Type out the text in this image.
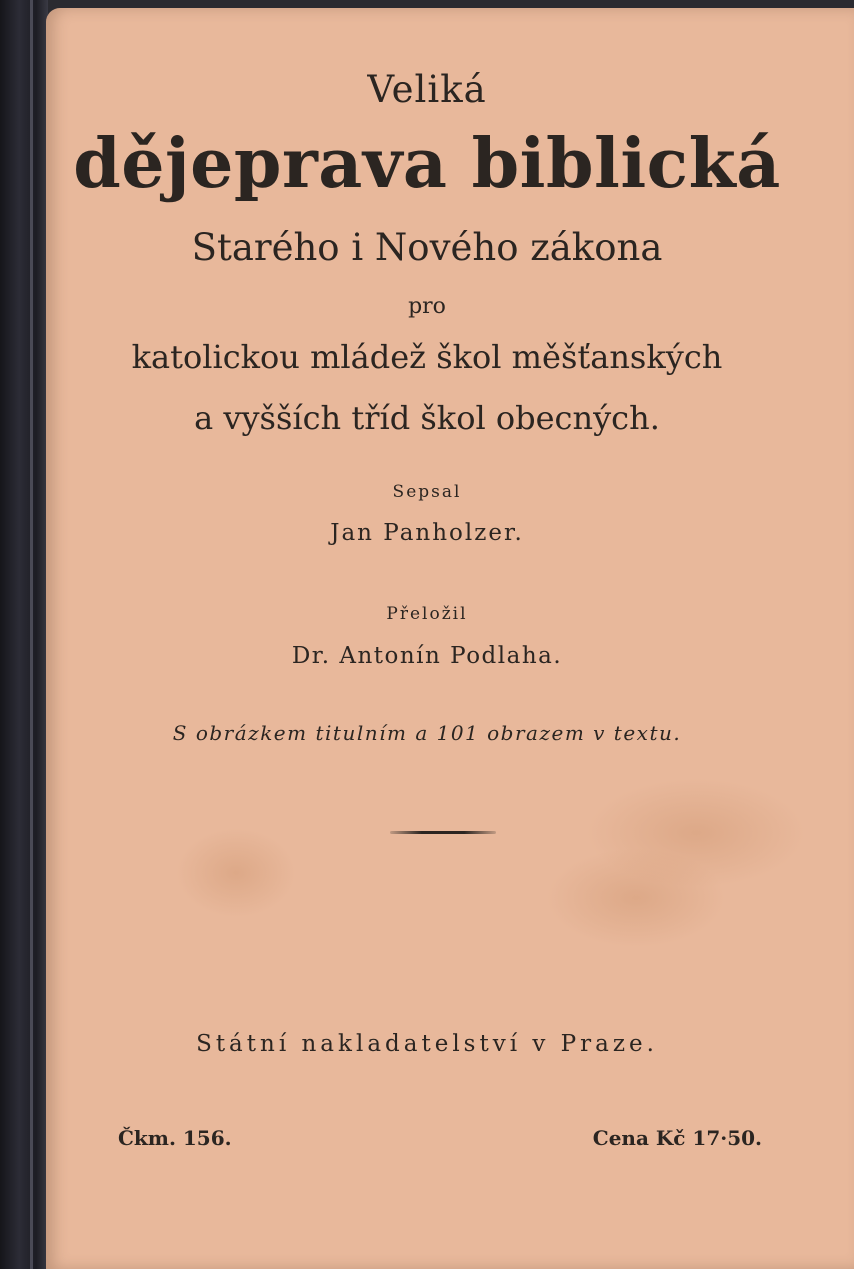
Veliká

dějeprava biblická

Starého i Nového zákona

pro

katolickou mládež škol měšťanských

a vyšších tříd škol obecných.

Sepsal

Jan Panholzer.

Přeložil

Dr. Antonín Podlaha.

S obrázkem titulním a 101 obrazem v textu.

Státní nakladatelství v Praze.

Čkm. 156.	Cena Kč 17·50.
